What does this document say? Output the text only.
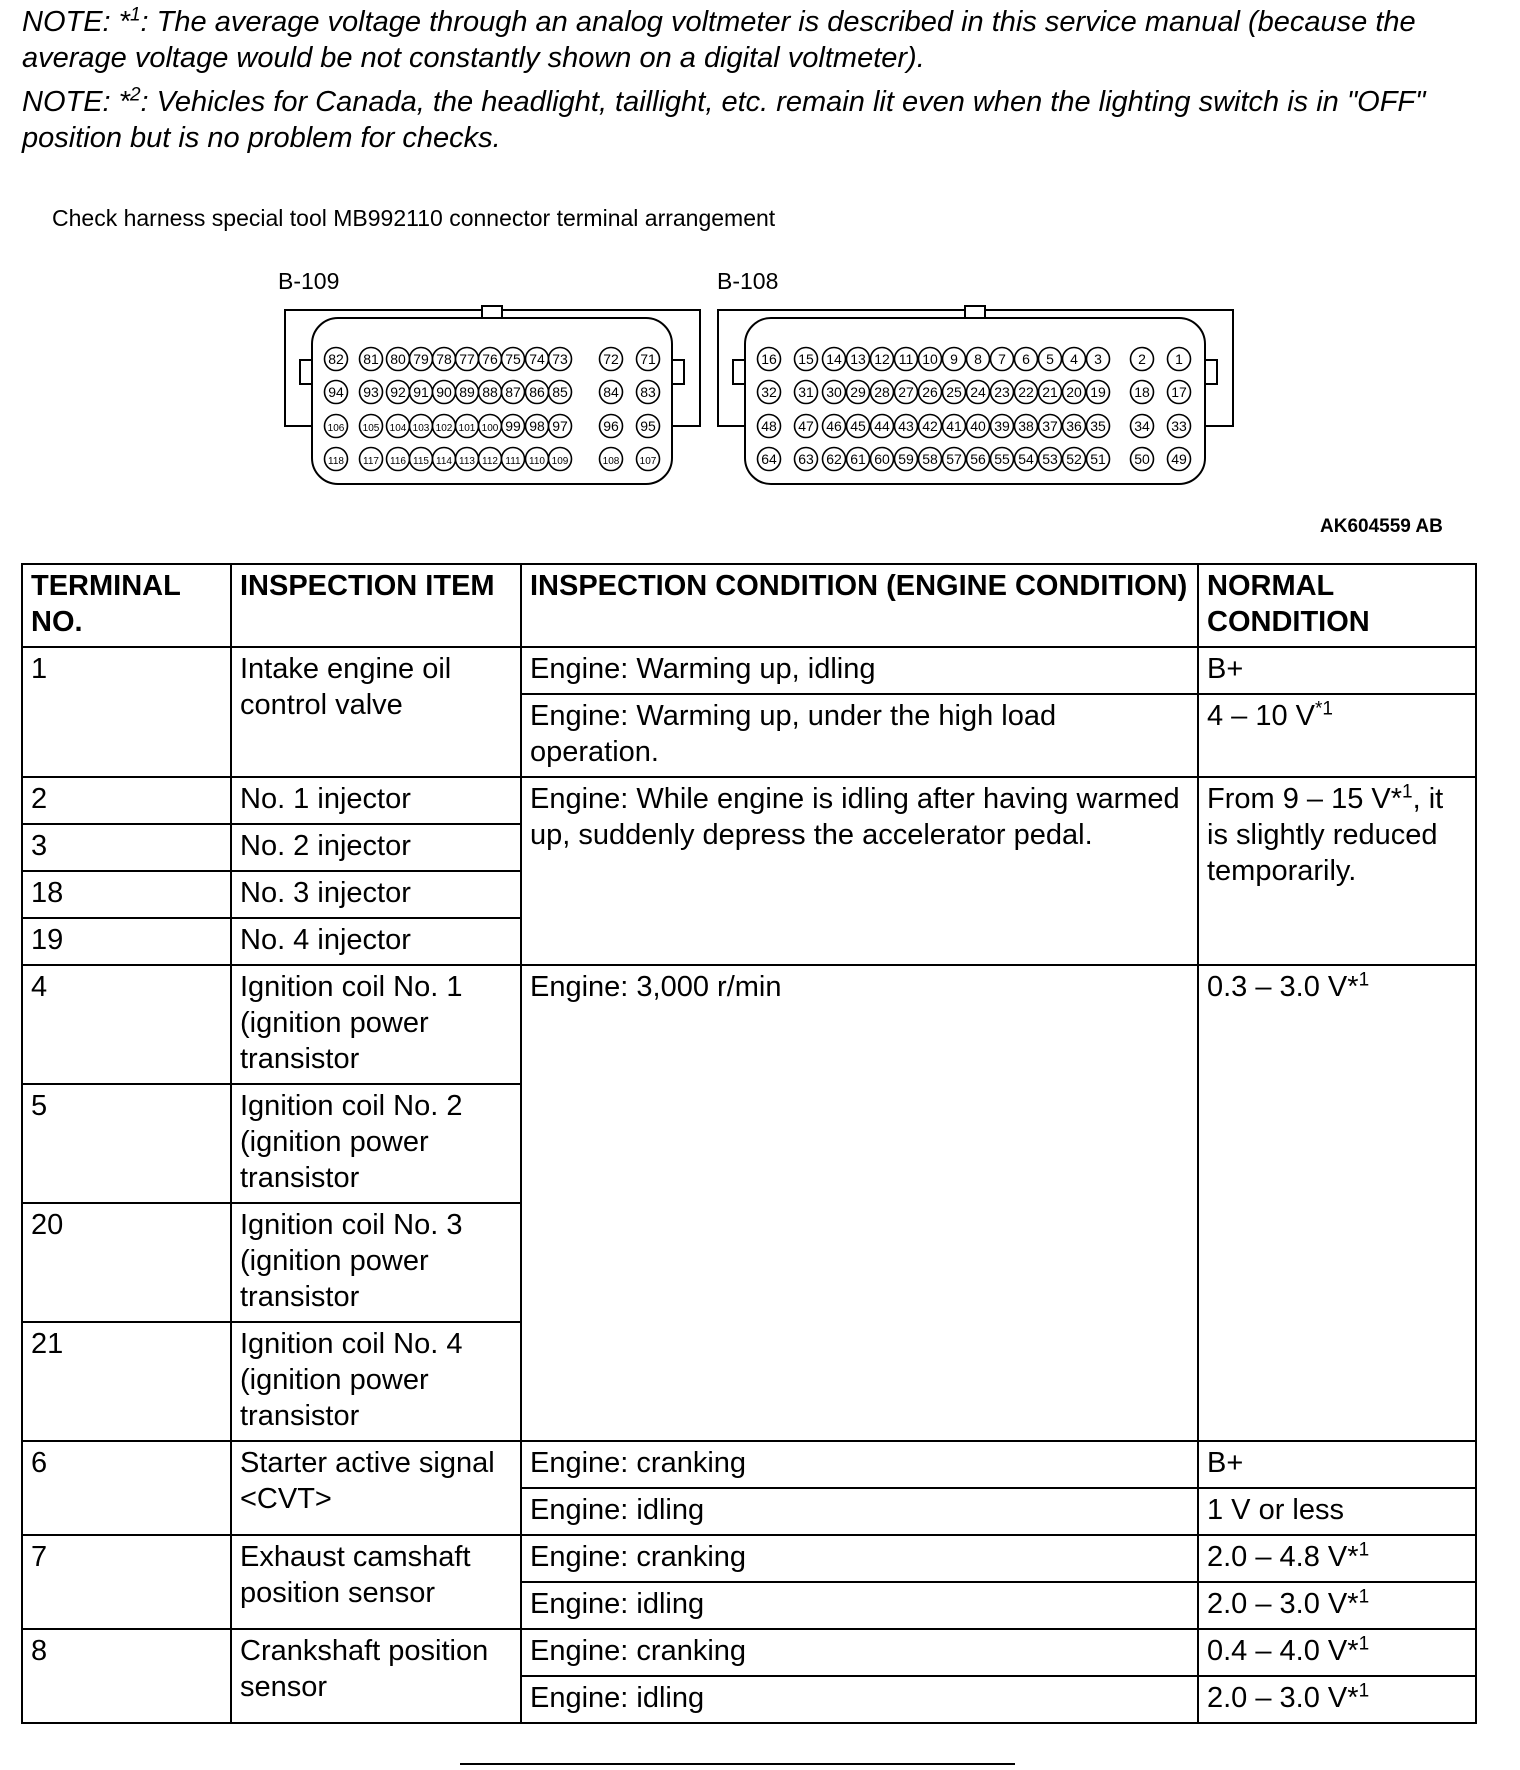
NOTE: *$^1$: The average voltage through an analog voltmeter is described in this service manual (because the average voltage would be not constantly shown on a digital voltmeter).

NOTE: *$^2$: Vehicles for Canada, the headlight, taillight, etc. remain lit even when the lighting switch is in "OFF" position but is no problem for checks.

Check harness special tool MB992110 connector terminal arrangement
B-109	B-108
82 81 80 79 78 77 76 75 74 73	72 71
94 93 92 91 90 89 88 87 86 85	84 83
106 105 104 103 102 101 100 99 98 97	96 95
118 117 116 115 114 113 112 111 110 109	108 107
16 15 14 13 12 11 10 9 8 7 6 5 4 3	2 1
32 31 30 29 28 27 26 25 24 23 22 21 20 19 18 17
48 47 46 45 44 43 42 41 40 39 38 37 36 35 34 33
64 63 62 61 60 59 58 57 56 55 54 53 52 51 50 49
AK604559 AB
TERMINAL NO.	INSPECTION ITEM	INSPECTION CONDITION (ENGINE CONDITION)	NORMAL CONDITION
1	Intake engine oil control valve	Engine: Warming up, idling	B+
		Engine: Warming up, under the high load operation.	4 – 10 $V^{*1}$
2	No. 1 injector	Engine: While engine is idling after having warmed up, suddenly depress the accelerator pedal.	From 9 – 15 V*$^1$, it is slightly reduced temporarily.
3	No. 2 injector		
18	No. 3 injector		
19	No. 4 injector		
4	Ignition coil No. 1 (ignition power transistor	Engine: 3,000 r/min	0.3 – 3.0 V*$^1$
5	Ignition coil No. 2 (ignition power transistor		
20	Ignition coil No. 3 (ignition power transistor		
21	Ignition coil No. 4 (ignition power transistor		
6	Starter active signal <CVT>	Engine: cranking	B+
		Engine: idling	1 V or less
7	Exhaust camshaft position sensor	Engine: cranking	2.0 – 4.8 V*$^1$
		Engine: idling	2.0 – 3.0 V*$^1$
8	Crankshaft position sensor	Engine: cranking	0.4 – 4.0 V*$^1$
		Engine: idling	2.0 – 3.0 V*$^1$
